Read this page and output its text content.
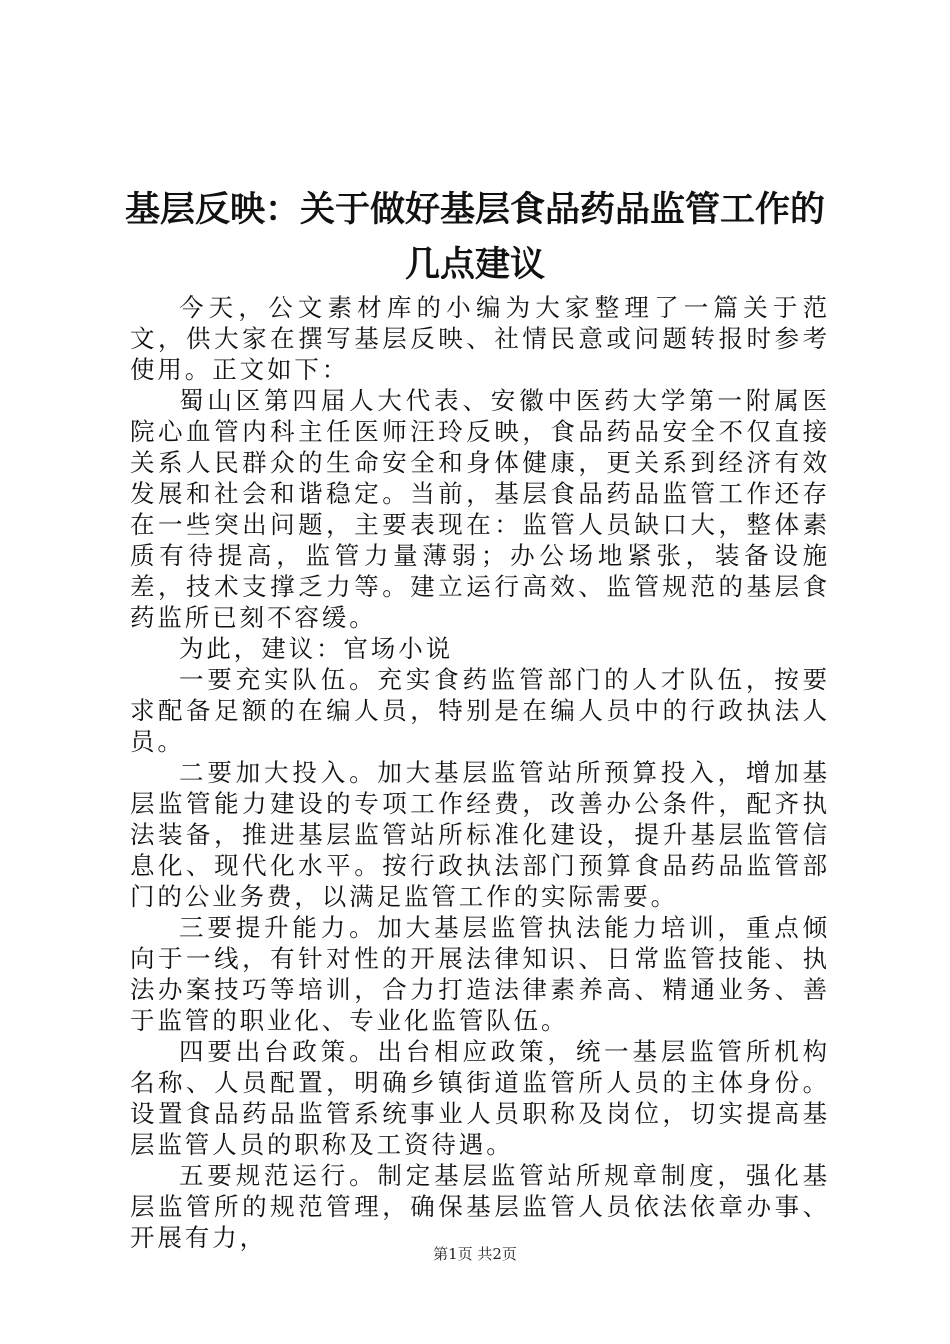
基层反映：关于做好基层食品药品监管工作的
几点建议

今天，公文素材库的小编为大家整理了一篇关于范文，供大家在撰写基层反映、社情民意或问题转报时参考使用。正文如下：

蜀山区第四届人大代表、安徽中医药大学第一附属医院心血管内科主任医师汪玲反映，食品药品安全不仅直接关系人民群众的生命安全和身体健康，更关系到经济有效发展和社会和谐稳定。当前，基层食品药品监管工作还存在一些突出问题，主要表现在：监管人员缺口大，整体素质有待提高，监管力量薄弱；办公场地紧张，装备设施差，技术支撑乏力等。建立运行高效、监管规范的基层食药监所已刻不容缓。

为此，建议：官场小说

一要充实队伍。充实食药监管部门的人才队伍，按要求配备足额的在编人员，特别是在编人员中的行政执法人员。

二要加大投入。加大基层监管站所预算投入，增加基层监管能力建设的专项工作经费，改善办公条件，配齐执法装备，推进基层监管站所标准化建设，提升基层监管信息化、现代化水平。按行政执法部门预算食品药品监管部门的公业务费，以满足监管工作的实际需要。

三要提升能力。加大基层监管执法能力培训，重点倾向于一线，有针对性的开展法律知识、日常监管技能、执法办案技巧等培训，合力打造法律素养高、精通业务、善于监管的职业化、专业化监管队伍。

四要出台政策。出台相应政策，统一基层监管所机构名称、人员配置，明确乡镇街道监管所人员的主体身份。设置食品药品监管系统事业人员职称及岗位，切实提高基层监管人员的职称及工资待遇。

五要规范运行。制定基层监管站所规章制度，强化基层监管所的规范管理，确保基层监管人员依法依章办事、开展有力，

第1页 共2页
